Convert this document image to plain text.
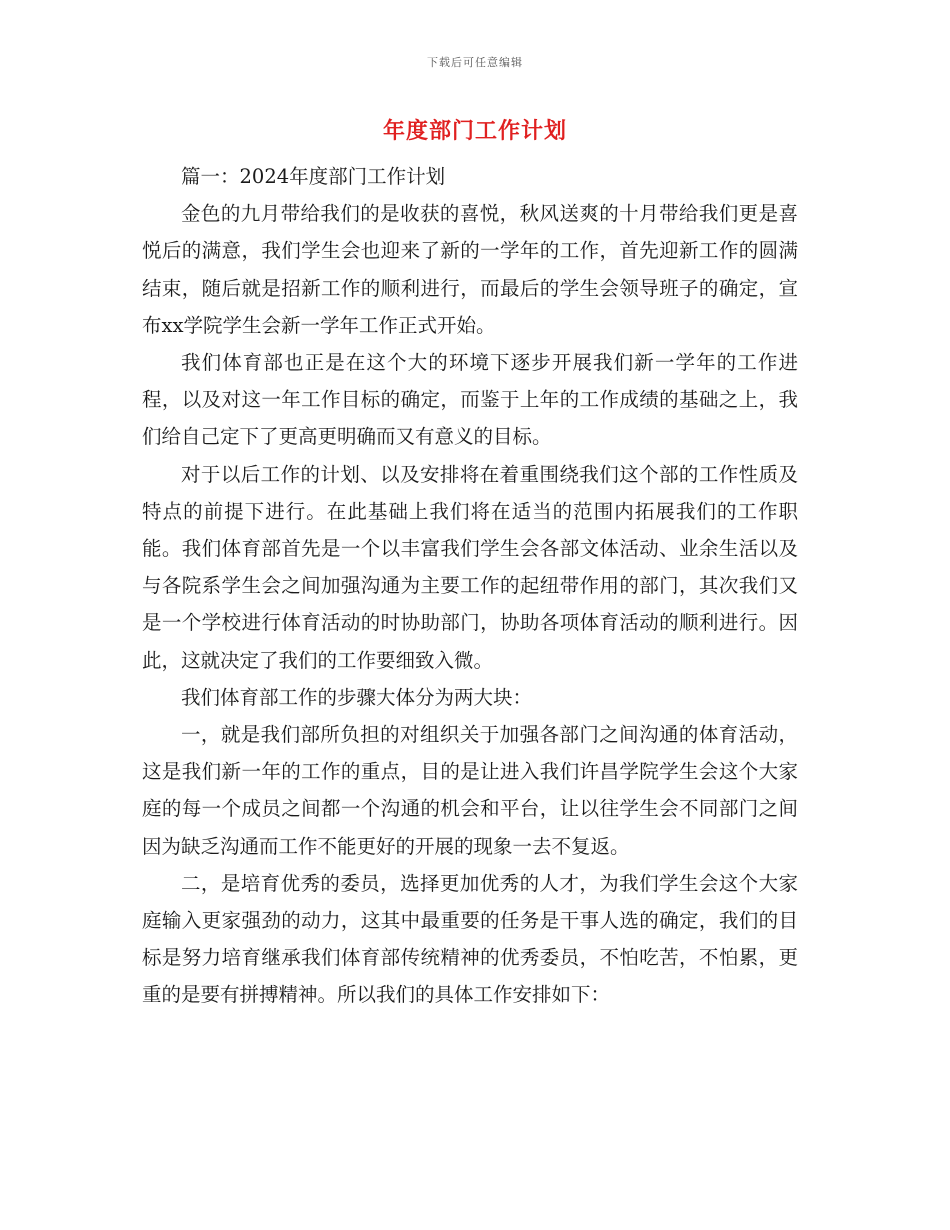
下载后可任意编辑
年度部门工作计划

篇一：2024年度部门工作计划

金色的九月带给我们的是收获的喜悦，秋风送爽的十月带给我们更是喜悦后的满意，我们学生会也迎来了新的一学年的工作，首先迎新工作的圆满结束，随后就是招新工作的顺利进行，而最后的学生会领导班子的确定，宣布xx学院学生会新一学年工作正式开始。

我们体育部也正是在这个大的环境下逐步开展我们新一学年的工作进程，以及对这一年工作目标的确定，而鉴于上年的工作成绩的基础之上，我们给自己定下了更高更明确而又有意义的目标。

对于以后工作的计划、以及安排将在着重围绕我们这个部的工作性质及特点的前提下进行。在此基础上我们将在适当的范围内拓展我们的工作职能。我们体育部首先是一个以丰富我们学生会各部文体活动、业余生活以及与各院系学生会之间加强沟通为主要工作的起纽带作用的部门，其次我们又是一个学校进行体育活动的时协助部门，协助各项体育活动的顺利进行。因此，这就决定了我们的工作要细致入微。

我们体育部工作的步骤大体分为两大块：

一，就是我们部所负担的对组织关于加强各部门之间沟通的体育活动，这是我们新一年的工作的重点，目的是让进入我们许昌学院学生会这个大家庭的每一个成员之间都一个沟通的机会和平台，让以往学生会不同部门之间因为缺乏沟通而工作不能更好的开展的现象一去不复返。

二，是培育优秀的委员，选择更加优秀的人才，为我们学生会这个大家庭输入更家强劲的动力，这其中最重要的任务是干事人选的确定，我们的目标是努力培育继承我们体育部传统精神的优秀委员，不怕吃苦，不怕累，更重的是要有拼搏精神。所以我们的具体工作安排如下：
